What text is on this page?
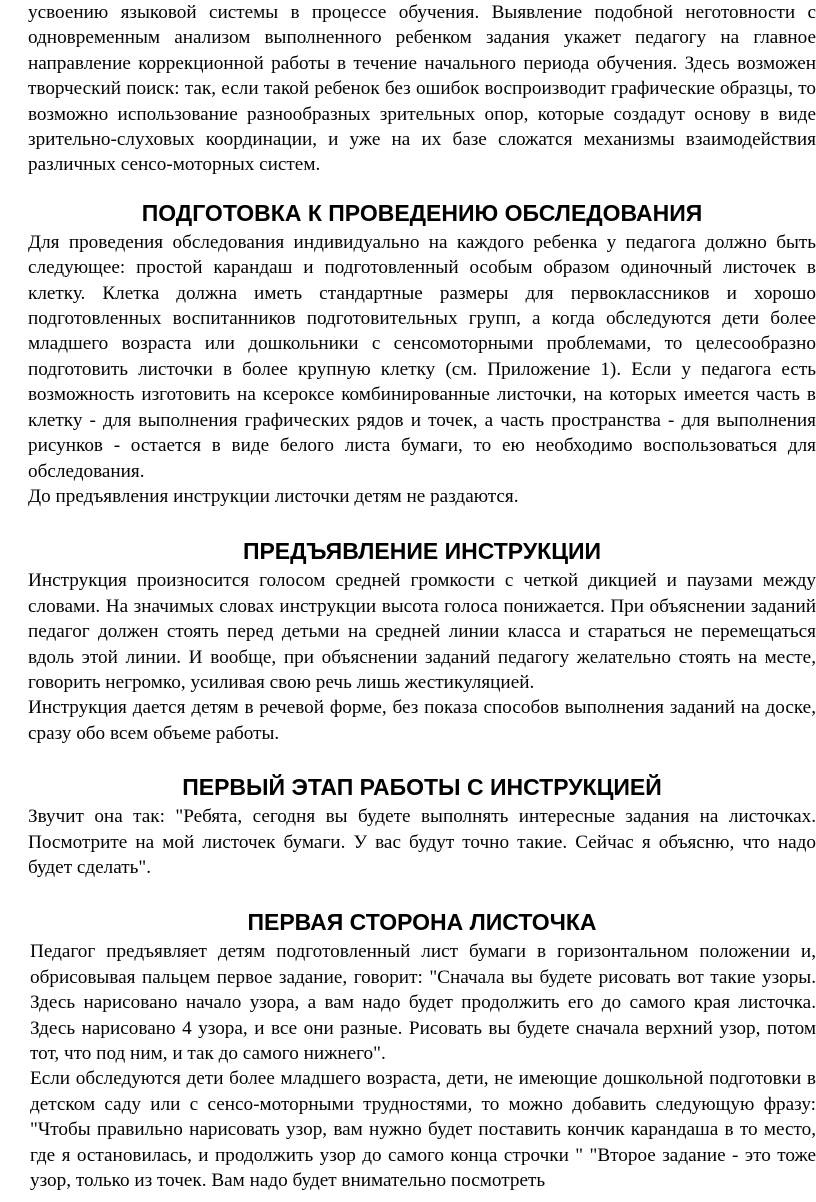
усвоению языковой системы в процессе обучения. Выявление подобной неготовности с одновременным анализом выполненного ребенком задания укажет педагогу на главное направление коррекционной работы в течение начального периода обучения. Здесь возможен творческий поиск: так, если такой ребенок без ошибок воспроизводит графические образцы, то возможно использование разнообразных зрительных опор, которые создадут основу в виде зрительно-слуховых координации, и уже на их базе сложатся механизмы взаимодействия различных сенсо-моторных систем.

ПОДГОТОВКА К ПРОВЕДЕНИЮ ОБСЛЕДОВАНИЯ

Для проведения обследования индивидуально на каждого ребенка у педагога должно быть следующее: простой карандаш и подготовленный особым образом одиночный листочек в клетку. Клетка должна иметь стандартные размеры для первоклассников и хорошо подготовленных воспитанников подготовительных групп, а когда обследуются дети более младшего возраста или дошкольники с сенсомоторными проблемами, то целесообразно подготовить листочки в более крупную клетку (см. Приложение 1). Если у педагога есть возможность изготовить на ксероксе комбинированные листочки, на которых имеется часть в клетку - для выполнения графических рядов и точек, а часть пространства - для выполнения рисунков - остается в виде белого листа бумаги, то ею необходимо воспользоваться для обследования.

До предъявления инструкции листочки детям не раздаются.

ПРЕДЪЯВЛЕНИЕ ИНСТРУКЦИИ

Инструкция произносится голосом средней громкости с четкой дикцией и паузами между словами. На значимых словах инструкции высота голоса понижается. При объяснении заданий педагог должен стоять перед детьми на средней линии класса и стараться не перемещаться вдоль этой линии. И вообще, при объяснении заданий педагогу желательно стоять на месте, говорить негромко, усиливая свою речь лишь жестикуляцией.

Инструкция дается детям в речевой форме, без показа способов выполнения заданий на доске, сразу обо всем объеме работы.

ПЕРВЫЙ ЭТАП РАБОТЫ С ИНСТРУКЦИЕЙ

Звучит она так: "Ребята, сегодня вы будете выполнять интересные задания на листочках. Посмотрите на мой листочек бумаги. У вас будут точно такие. Сейчас я объясню, что надо будет сделать".

ПЕРВАЯ СТОРОНА ЛИСТОЧКА

Педагог предъявляет детям подготовленный лист бумаги в горизонтальном положении и, обрисовывая пальцем первое задание, говорит: "Сначала вы будете рисовать вот такие узоры. Здесь нарисовано начало узора, а вам надо будет продолжить его до самого края листочка. Здесь нарисовано 4 узора, и все они разные. Рисовать вы будете сначала верхний узор, потом тот, что под ним, и так до самого нижнего".

Если обследуются дети более младшего возраста, дети, не имеющие дошкольной подготовки в детском саду или с сенсо-моторными трудностями, то можно добавить следующую фразу: "Чтобы правильно нарисовать узор, вам нужно будет поставить кончик карандаша в то место, где я остановилась, и продолжить узор до самого конца строчки " "Второе задание - это тоже узор, только из точек. Вам надо будет внимательно посмотреть
